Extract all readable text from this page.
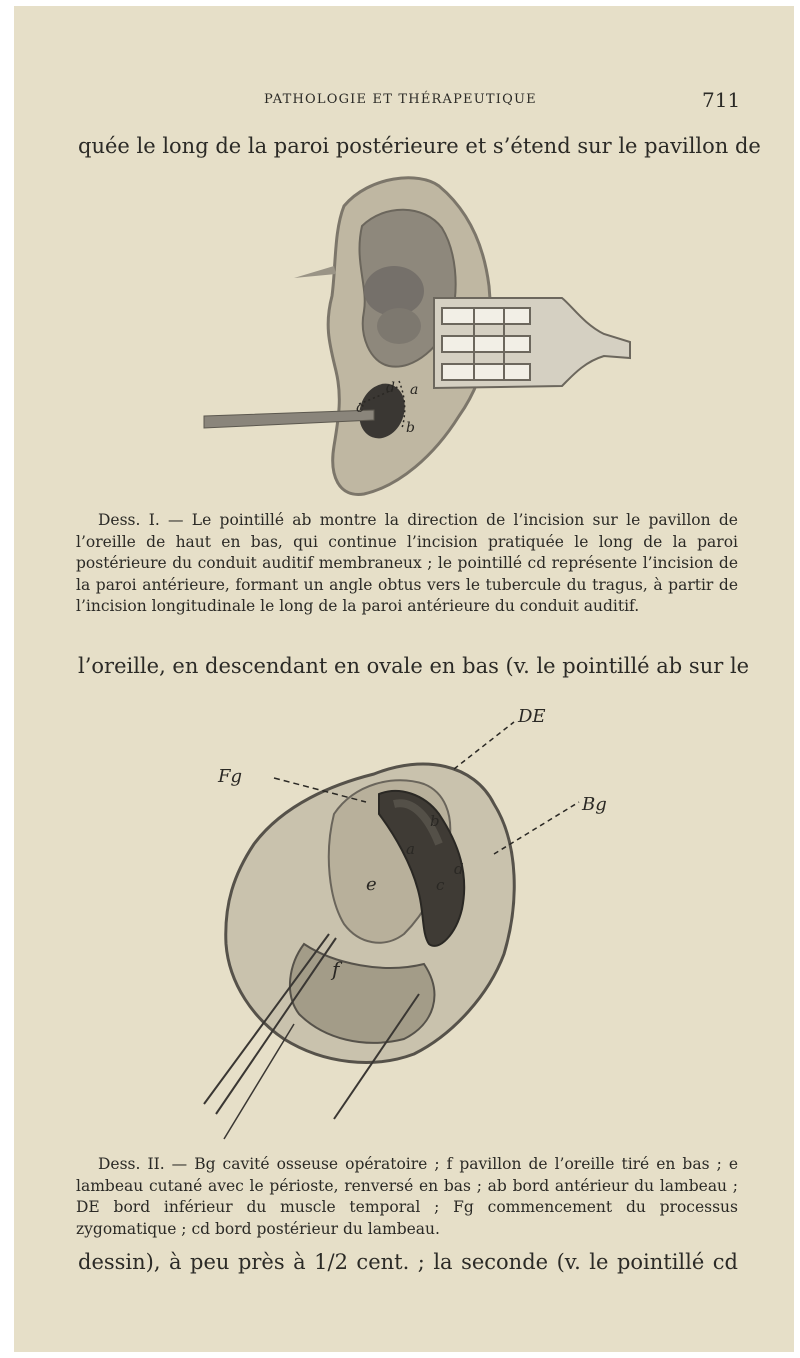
PATHOLOGIE ET THÉRAPEUTIQUE	711
quée le long de la paroi postérieure et s’étend sur le pavillon de
c
d a
b
Dess. I. — Le pointillé ab montre la direction de l’incision sur le pavillon de l’oreille de haut en bas, qui continue l’incision pratiquée le long de la paroi postérieure du conduit auditif membraneux ; le pointillé cd représente l’incision de la paroi antérieure, formant un angle obtus vers le tubercule du tragus, à partir de l’incision longitudinale le long de la paroi antérieure du conduit auditif.
l’oreille, en descendant en ovale en bas (v. le pointillé ab sur le
DE
Fg
Bg
a
b
c
d
e
f
Dess. II. — Bg cavité osseuse opératoire ; f pavillon de l’oreille tiré en bas ; e lambeau cutané avec le périoste, renversé en bas ; ab bord antérieur du lambeau ; DE bord inférieur du muscle temporal ; Fg commencement du processus zygomatique ; cd bord postérieur du lambeau.
dessin), à peu près à 1/2 cent. ; la seconde (v. le pointillé cd
